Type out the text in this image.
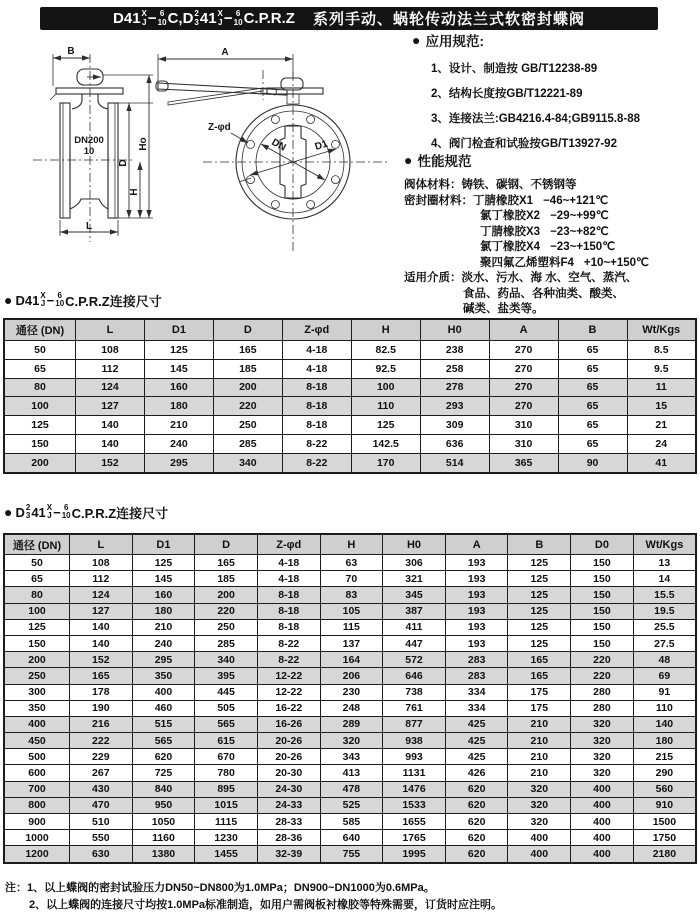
D41 X
J − 6
10 C,D 2
3 41 X
J − 6
10 C.P.R.Z 系列手动、蜗轮传动法兰式软密封蝶阀
● 应用规范:
1、设计、制造按 GB/T12238-89
2、结构长度按GB/T12221-89
3、连接法兰:GB4216.4-84;GB9115.8-88
4、阀门检查和试验按GB/T13927-92
● 性能规范
阀体材料： 铸铁、碳钢、不锈钢等
密封圈材料： 丁腈橡胶X1 −46~+121℃
氯丁橡胶X2 −29~+99℃
丁腈橡胶X3 −23~+82℃
氯丁橡胶X4 −23~+150℃
聚四氟乙烯塑料F4 +10~+150℃
适用介质： 淡水、污水、海 水、空气、蒸汽、
食品、药品、各种油类、酸类、
碱类、盐类等。
DN200
10
B
D
H
Ho
L
DN	D1
Z-φd
A
● D41 X
J − 6
10 C.P.R.Z连接尺寸
通径 (DN)	L	D1	D	Z-φd	H	H0	A	B	Wt/Kgs
50	108	125	165	4-18	82.5	238	270	65	8.5
65	112	145	185	4-18	92.5	258	270	65	9.5
80	124	160	200	8-18	100	278	270	65	11
100	127	180	220	8-18	110	293	270	65	15
125	140	210	250	8-18	125	309	310	65	21
150	140	240	285	8-22	142.5	636	310	65	24
200	152	295	340	8-22	170	514	365	90	41
● D 2
3 41 X
J − 6
10 C.P.R.Z连接尺寸
通径 (DN)	L	D1	D	Z-φd	H	H0	A	B	D0	Wt/Kgs
50	108	125	165	4-18	63	306	193	125	150	13
65	112	145	185	4-18	70	321	193	125	150	14
80	124	160	200	8-18	83	345	193	125	150	15.5
100	127	180	220	8-18	105	387	193	125	150	19.5
125	140	210	250	8-18	115	411	193	125	150	25.5
150	140	240	285	8-22	137	447	193	125	150	27.5
200	152	295	340	8-22	164	572	283	165	220	48
250	165	350	395	12-22	206	646	283	165	220	69
300	178	400	445	12-22	230	738	334	175	280	91
350	190	460	505	16-22	248	761	334	175	280	110
400	216	515	565	16-26	289	877	425	210	320	140
450	222	565	615	20-26	320	938	425	210	320	180
500	229	620	670	20-26	343	993	425	210	320	215
600	267	725	780	20-30	413	1131	426	210	320	290
700	430	840	895	24-30	478	1476	620	320	400	560
800	470	950	1015	24-33	525	1533	620	320	400	910
900	510	1050	1115	28-33	585	1655	620	320	400	1500
1000	550	1160	1230	28-36	640	1765	620	400	400	1750
1200	630	1380	1455	32-39	755	1995	620	400	400	2180
注：1、以上蝶阀的密封试验压力DN50~DN800为1.0MPa；DN900~DN1000为0.6MPa。
2、以上蝶阀的连接尺寸均按1.0MPa标准制造，如用户需阀板衬橡胶等特殊需要，订货时应注明。
